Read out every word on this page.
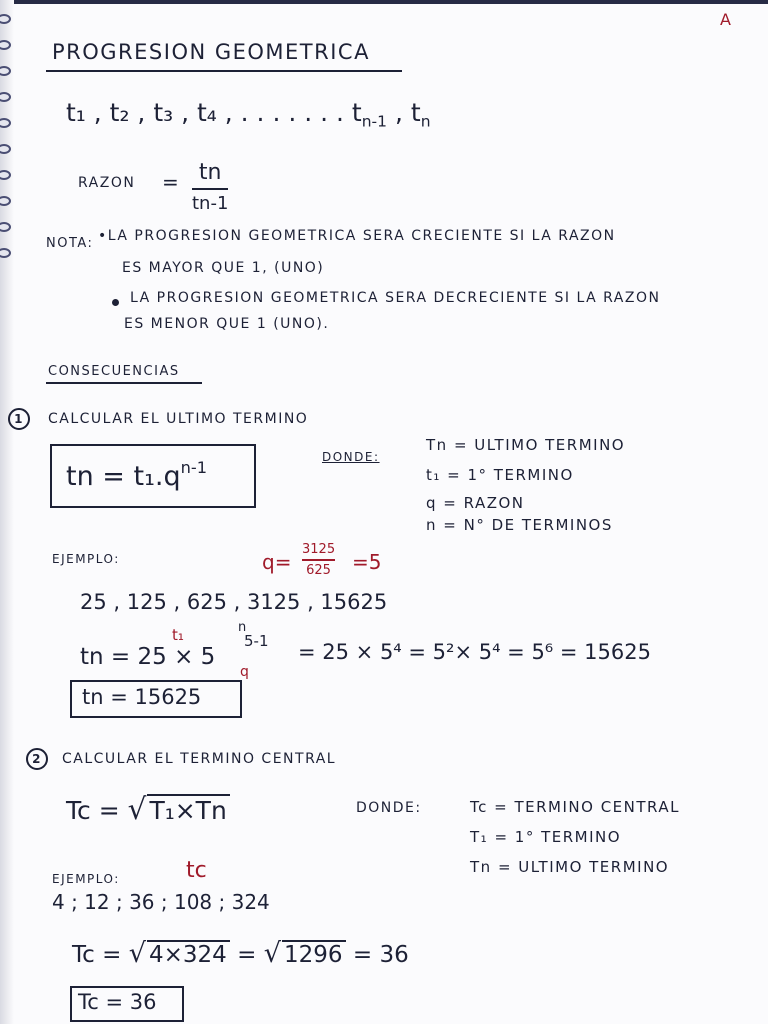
A
PROGRESION GEOMETRICA
t₁ , t₂ , t₃ , t₄ , . . . . . . . $t_{n-1}$ , $t_n$
RAZON = tn
tn-1
NOTA: •LA PROGRESION GEOMETRICA SERA CRECIENTE SI LA RAZON
ES MAYOR QUE 1, (UNO)
LA PROGRESION GEOMETRICA SERA DECRECIENTE SI LA RAZON
ES MENOR QUE 1 (UNO).
CONSECUENCIAS
1 CALCULAR EL ULTIMO TERMINO
tn = $t_1.q^{n-1}$
DONDE:
Tn = ULTIMO TERMINO
t₁ = 1° TERMINO
q = RAZON
n = N° DE TERMINOS
EJEMPLO:	q=
3125
625 =5
25 , 125 , 625 , 3125 , 15625
t₁	n
5-1
q
tn = 25 × 5	= 25 × 5⁴ = 5²× 5⁴ = 5⁶ = 15625
tn = 15625
2 CALCULAR EL TERMINO CENTRAL
Tc = √ T₁×Tn	DONDE:	Tc = TERMINO CENTRAL
T₁ = 1° TERMINO
Tn = ULTIMO TERMINO
EJEMPLO:	tc
4 ; 12 ; 36 ; 108 ; 324
Tc = √ 4×324 = √ 1296 = 36
Tc = 36
